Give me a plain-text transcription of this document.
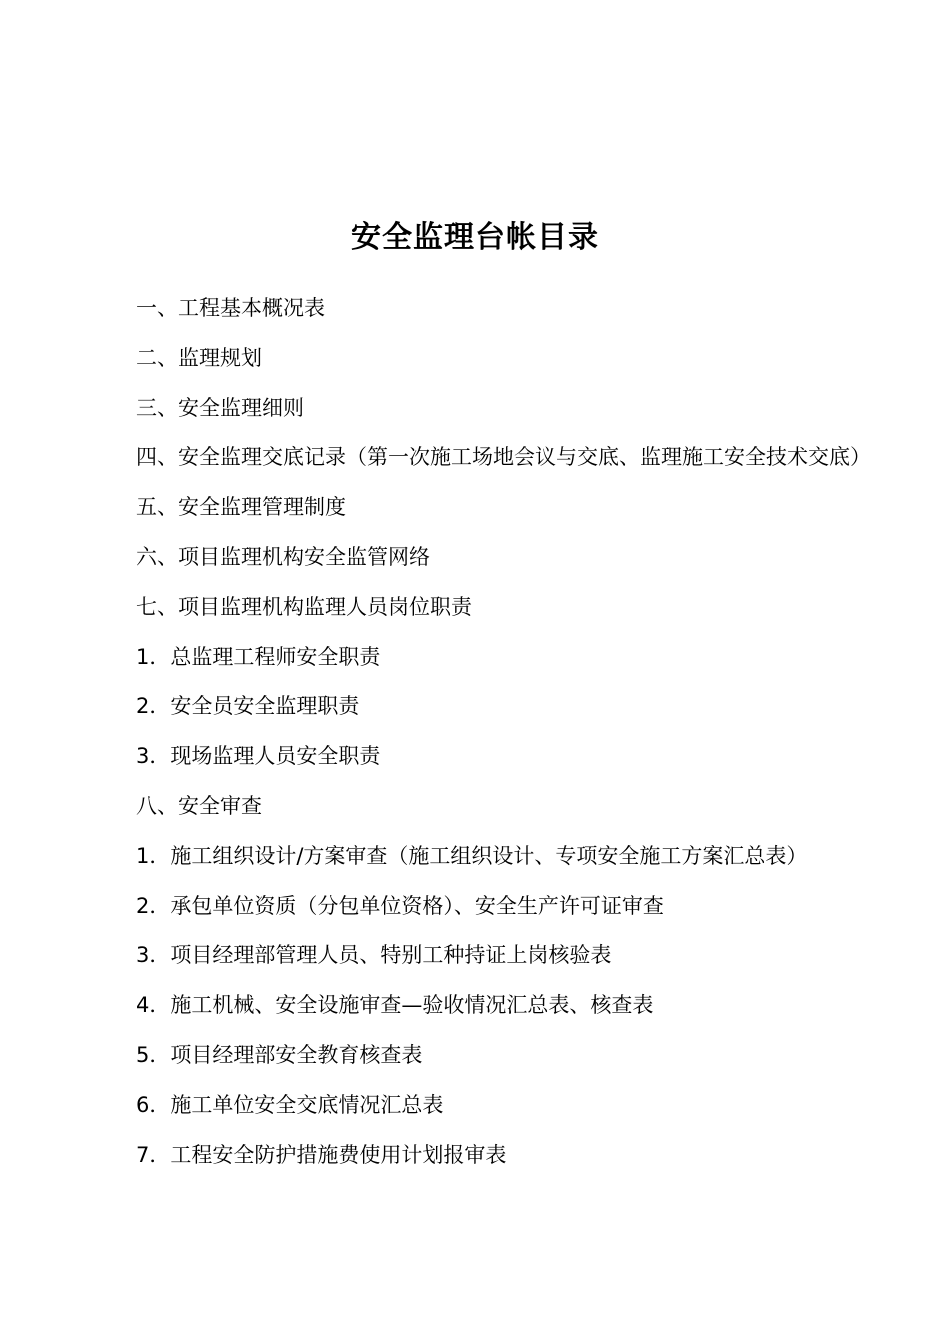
安全监理台帐目录

一、工程基本概况表

二、监理规划

三、安全监理细则

四、安全监理交底记录（第一次施工场地会议与交底、监理施工安全技术交底）

五、安全监理管理制度

六、项目监理机构安全监管网络

七、项目监理机构监理人员岗位职责

1．总监理工程师安全职责

2．安全员安全监理职责

3．现场监理人员安全职责

八、安全审查

1．施工组织设计/方案审查（施工组织设计、专项安全施工方案汇总表）

2．承包单位资质（分包单位资格）、安全生产许可证审查

3．项目经理部管理人员、特别工种持证上岗核验表

4．施工机械、安全设施审查—验收情况汇总表、核查表

5．项目经理部安全教育核查表

6．施工单位安全交底情况汇总表

7．工程安全防护措施费使用计划报审表
